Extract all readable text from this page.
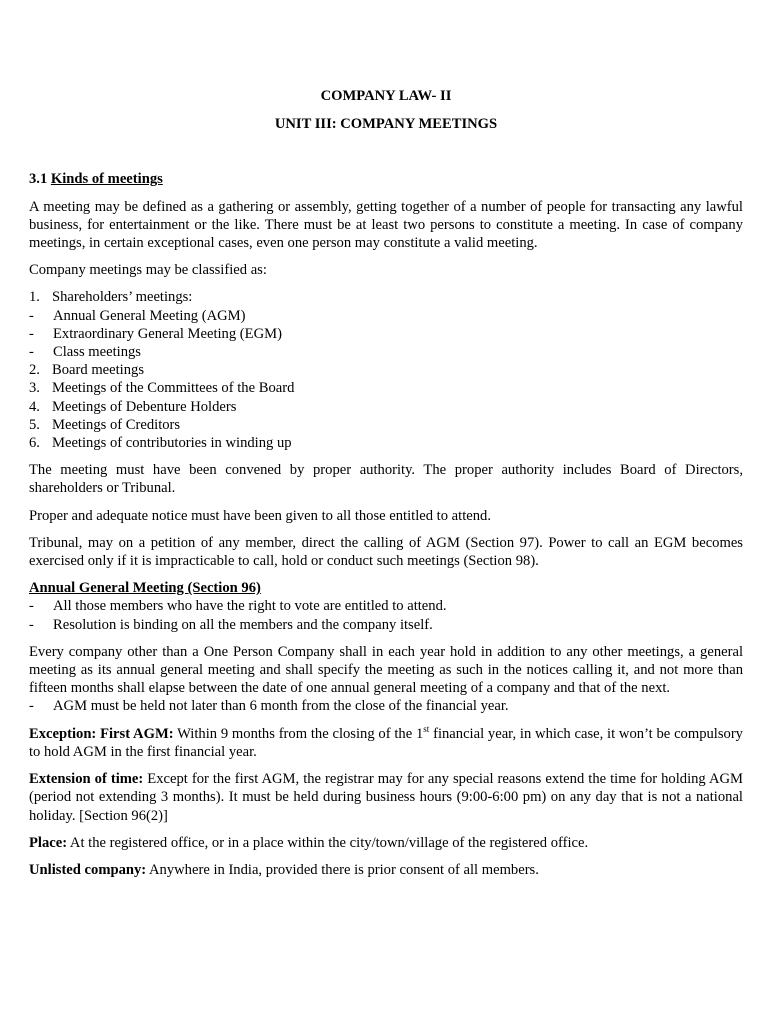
COMPANY LAW- II

UNIT III: COMPANY MEETINGS

3.1 Kinds of meetings

A meeting may be defined as a gathering or assembly, getting together of a number of people for transacting any lawful business, for entertainment or the like. There must be at least two persons to constitute a meeting. In case of company meetings, in certain exceptional cases, even one person may constitute a valid meeting.

Company meetings may be classified as:

1. Shareholders’ meetings:
- Annual General Meeting (AGM)
- Extraordinary General Meeting (EGM)
- Class meetings
2. Board meetings
3. Meetings of the Committees of the Board
4. Meetings of Debenture Holders
5. Meetings of Creditors
6. Meetings of contributories in winding up

The meeting must have been convened by proper authority. The proper authority includes Board of Directors, shareholders or Tribunal.

Proper and adequate notice must have been given to all those entitled to attend.

Tribunal, may on a petition of any member, direct the calling of AGM (Section 97). Power to call an EGM becomes exercised only if it is impracticable to call, hold or conduct such meetings (Section 98).

Annual General Meeting (Section 96)

- All those members who have the right to vote are entitled to attend.
- Resolution is binding on all the members and the company itself.

Every company other than a One Person Company shall in each year hold in addition to any other meetings, a general meeting as its annual general meeting and shall specify the meeting as such in the notices calling it, and not more than fifteen months shall elapse between the date of one annual general meeting of a company and that of the next.

- AGM must be held not later than 6 month from the close of the financial year.

Exception: First AGM: Within 9 months from the closing of the 1st financial year, in which case, it won’t be compulsory to hold AGM in the first financial year.

Extension of time: Except for the first AGM, the registrar may for any special reasons extend the time for holding AGM (period not extending 3 months). It must be held during business hours (9:00-6:00 pm) on any day that is not a national holiday. [Section 96(2)]

Place: At the registered office, or in a place within the city/town/village of the registered office.

Unlisted company: Anywhere in India, provided there is prior consent of all members.
